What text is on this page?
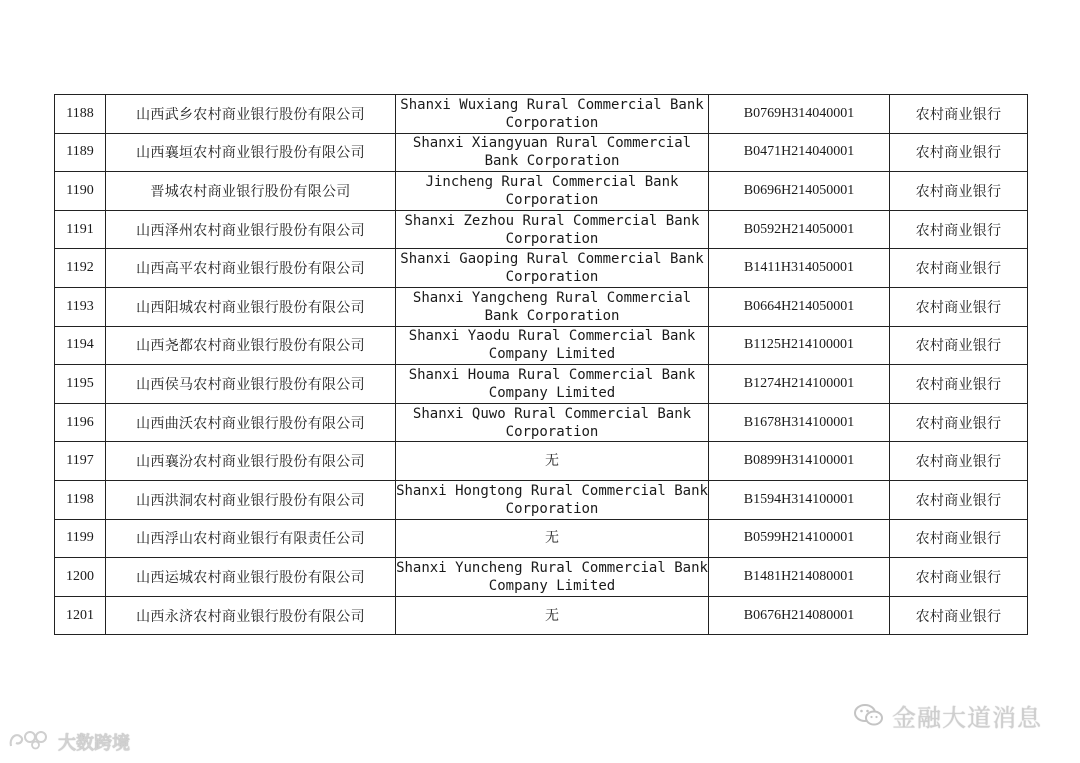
1188	山西武乡农村商业银行股份有限公司	Shanxi Wuxiang Rural Commercial Bank Corporation	B0769H314040001	农村商业银行
1189	山西襄垣农村商业银行股份有限公司	Shanxi Xiangyuan Rural Commercial Bank Corporation	B0471H214040001	农村商业银行
1190	晋城农村商业银行股份有限公司	Jincheng Rural Commercial Bank Corporation	B0696H214050001	农村商业银行
1191	山西泽州农村商业银行股份有限公司	Shanxi Zezhou Rural Commercial Bank Corporation	B0592H214050001	农村商业银行
1192	山西高平农村商业银行股份有限公司	Shanxi Gaoping Rural Commercial Bank Corporation	B1411H314050001	农村商业银行
1193	山西阳城农村商业银行股份有限公司	Shanxi Yangcheng Rural Commercial Bank Corporation	B0664H214050001	农村商业银行
1194	山西尧都农村商业银行股份有限公司	Shanxi Yaodu Rural Commercial Bank Company Limited	B1125H214100001	农村商业银行
1195	山西侯马农村商业银行股份有限公司	Shanxi Houma Rural Commercial Bank Company Limited	B1274H214100001	农村商业银行
1196	山西曲沃农村商业银行股份有限公司	Shanxi Quwo Rural Commercial Bank Corporation	B1678H314100001	农村商业银行
1197	山西襄汾农村商业银行股份有限公司	无	B0899H314100001	农村商业银行
1198	山西洪洞农村商业银行股份有限公司	Shanxi Hongtong Rural Commercial Bank Corporation	B1594H314100001	农村商业银行
1199	山西浮山农村商业银行有限责任公司	无	B0599H214100001	农村商业银行
1200	山西运城农村商业银行股份有限公司	Shanxi Yuncheng Rural Commercial Bank Company Limited	B1481H214080001	农村商业银行
1201	山西永济农村商业银行股份有限公司	无	B0676H214080001	农村商业银行
金融大道消息
大数跨境
